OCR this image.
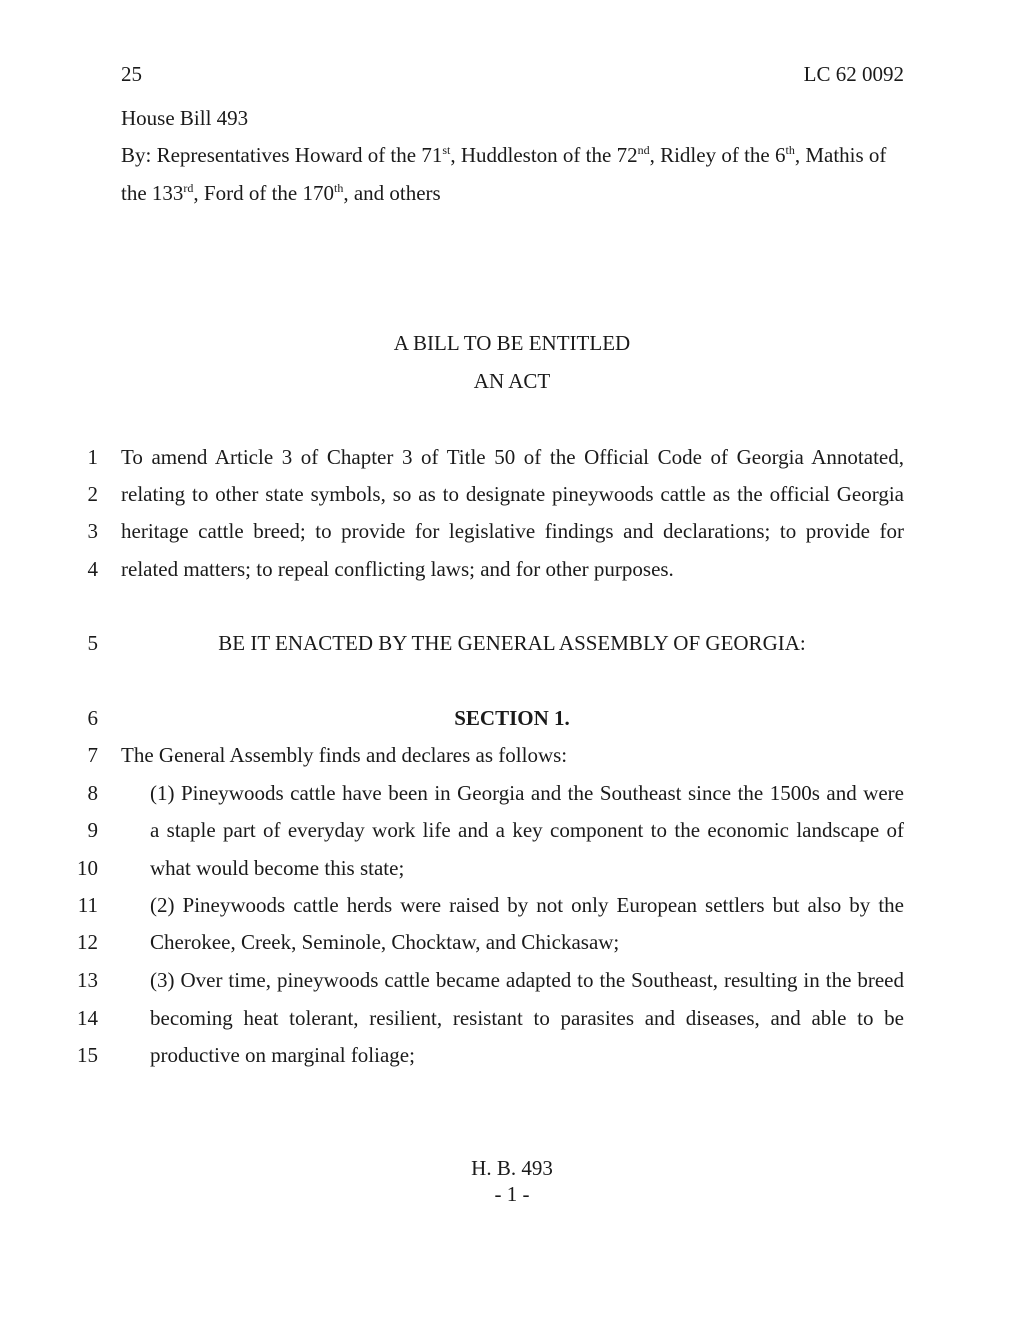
25	LC 62 0092
House Bill 493
By: Representatives Howard of the 71st, Huddleston of the 72nd, Ridley of the 6th, Mathis of
the 133rd, Ford of the 170th, and others
A BILL TO BE ENTITLED
AN ACT
1 To amend Article 3 of Chapter 3 of Title 50 of the Official Code of Georgia Annotated,
2 relating to other state symbols, so as to designate pineywoods cattle as the official Georgia
3 heritage cattle breed; to provide for legislative findings and declarations; to provide for
4 related matters; to repeal conflicting laws; and for other purposes.
5	BE IT ENACTED BY THE GENERAL ASSEMBLY OF GEORGIA:
6	SECTION 1.
7 The General Assembly finds and declares as follows:
8 (1) Pineywoods cattle have been in Georgia and the Southeast since the 1500s and were
9 a staple part of everyday work life and a key component to the economic landscape of
10 what would become this state;
11 (2) Pineywoods cattle herds were raised by not only European settlers but also by the
12 Cherokee, Creek, Seminole, Chocktaw, and Chickasaw;
13 (3) Over time, pineywoods cattle became adapted to the Southeast, resulting in the breed
14 becoming heat tolerant, resilient, resistant to parasites and diseases, and able to be
15 productive on marginal foliage;
H. B. 493
- 1 -
